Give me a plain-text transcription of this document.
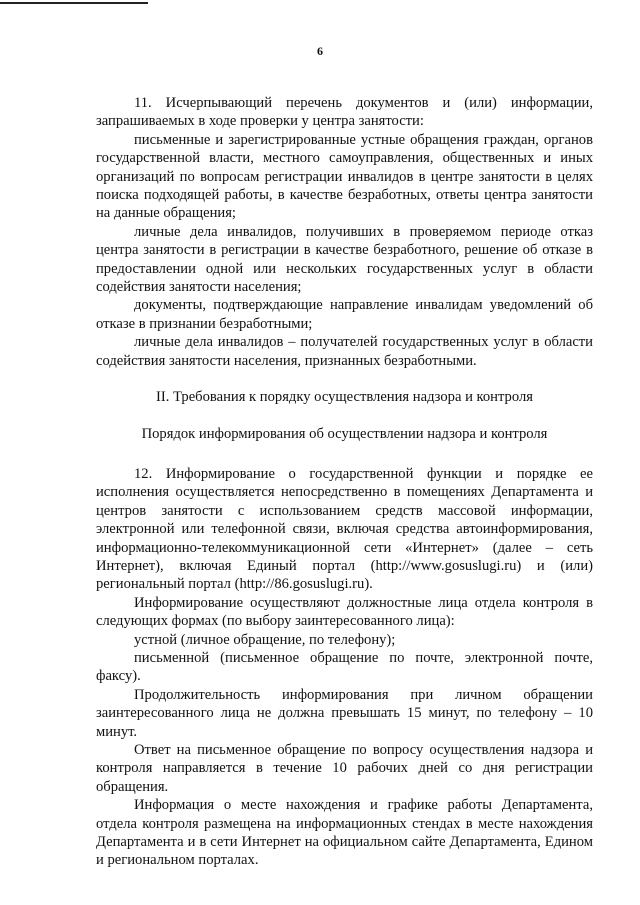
6

11. Исчерпывающий перечень документов и (или) информации, запрашиваемых в ходе проверки у центра занятости:

письменные и зарегистрированные устные обращения граждан, органов государственной власти, местного самоуправления, общественных и иных организаций по вопросам регистрации инвалидов в центре занятости в целях поиска подходящей работы, в качестве безработных, ответы центра занятости на данные обращения;

личные дела инвалидов, получивших в проверяемом периоде отказ центра занятости в регистрации в качестве безработного, решение об отказе в предоставлении одной или нескольких государственных услуг в области содействия занятости населения;

документы, подтверждающие направление инвалидам уведомлений об отказе в признании безработными;

личные дела инвалидов – получателей государственных услуг в области содействия занятости населения, признанных безработными.

II. Требования к порядку осуществления надзора и контроля
Порядок информирования об осуществлении надзора и контроля

12. Информирование о государственной функции и порядке ее исполнения осуществляется непосредственно в помещениях Департамента и центров занятости с использованием средств массовой информации, электронной или телефонной связи, включая средства автоинформирования, информационно-телекоммуникационной сети «Интернет» (далее – сеть Интернет), включая Единый портал (http://www.gosuslugi.ru) и (или) региональный портал (http://86.gosuslugi.ru).

Информирование осуществляют должностные лица отдела контроля в следующих формах (по выбору заинтересованного лица):

устной (личное обращение, по телефону);

письменной (письменное обращение по почте, электронной почте, факсу).

Продолжительность информирования при личном обращении заинтересованного лица не должна превышать 15 минут, по телефону – 10 минут.

Ответ на письменное обращение по вопросу осуществления надзора и контроля направляется в течение 10 рабочих дней со дня регистрации обращения.

Информация о месте нахождения и графике работы Департамента, отдела контроля размещена на информационных стендах в месте нахождения Департамента и в сети Интернет на официальном сайте Департамента, Едином и региональном порталах.
